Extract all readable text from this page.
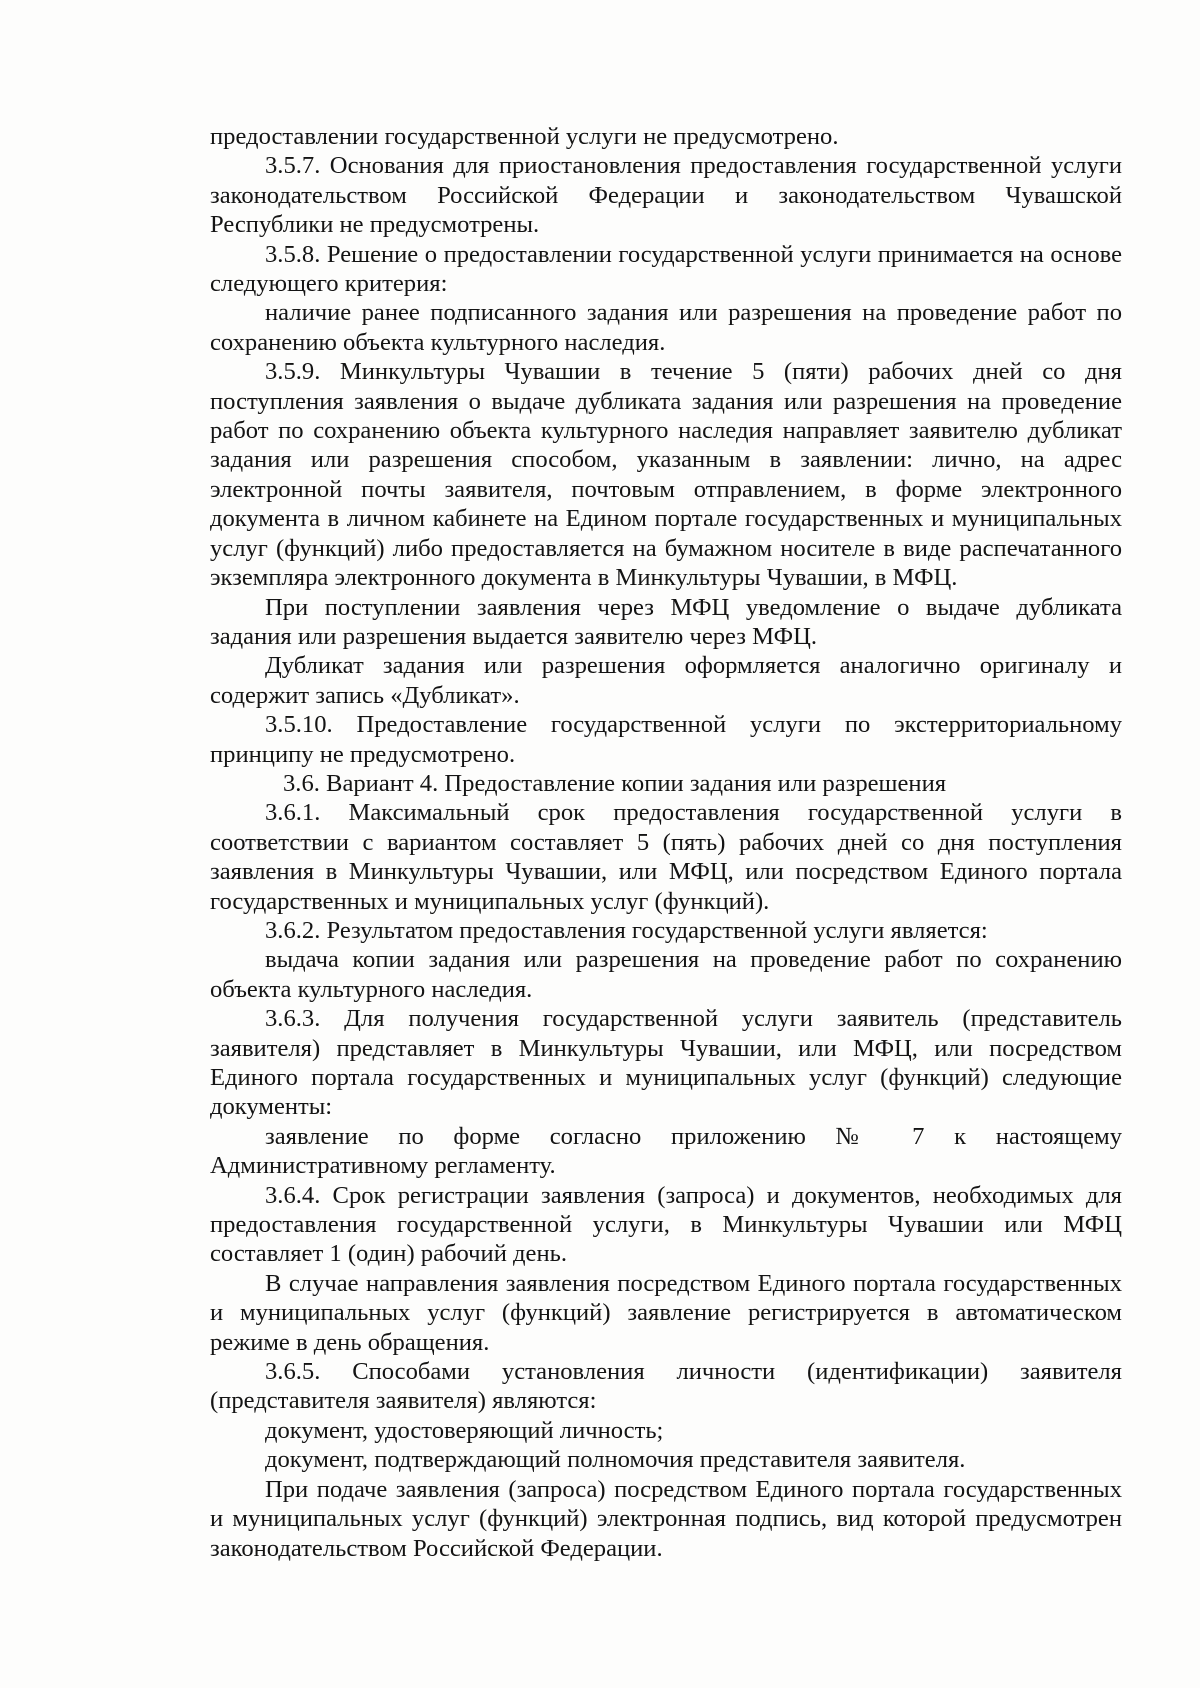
предоставлении государственной услуги не предусмотрено.

3.5.7. Основания для приостановления предоставления государственной услуги законодательством Российской Федерации и законодательством Чувашской Республики не предусмотрены.

3.5.8. Решение о предоставлении государственной услуги принимается на основе следующего критерия:

наличие ранее подписанного задания или разрешения на проведение работ по сохранению объекта культурного наследия.

3.5.9. Минкультуры Чувашии в течение 5 (пяти) рабочих дней со дня поступления заявления о выдаче дубликата задания или разрешения на проведение работ по сохранению объекта культурного наследия направляет заявителю дубликат задания или разрешения способом, указанным в заявлении: лично, на адрес электронной почты заявителя, почтовым отправлением, в форме электронного документа в личном кабинете на Едином портале государственных и муниципальных услуг (функций) либо предоставляется на бумажном носителе в виде распечатанного экземпляра электронного документа в Минкультуры Чувашии, в МФЦ.

При поступлении заявления через МФЦ уведомление о выдаче дубликата задания или разрешения выдается заявителю через МФЦ.

Дубликат задания или разрешения оформляется аналогично оригиналу и содержит запись «Дубликат».

3.5.10. Предоставление государственной услуги по экстерриториальному принципу не предусмотрено.

3.6. Вариант 4. Предоставление копии задания или разрешения

3.6.1. Максимальный срок предоставления государственной услуги в соответствии с вариантом составляет 5 (пять) рабочих дней со дня поступления заявления в Минкультуры Чувашии, или МФЦ, или посредством Единого портала государственных и муниципальных услуг (функций).

3.6.2. Результатом предоставления государственной услуги является:

выдача копии задания или разрешения на проведение работ по сохранению объекта культурного наследия.

3.6.3. Для получения государственной услуги заявитель (представитель заявителя) представляет в Минкультуры Чувашии, или МФЦ, или посредством Единого портала государственных и муниципальных услуг (функций) следующие документы:

заявление по форме согласно приложению № 7 к настоящему Административному регламенту.

3.6.4. Срок регистрации заявления (запроса) и документов, необходимых для предоставления государственной услуги, в Минкультуры Чувашии или МФЦ составляет 1 (один) рабочий день.

В случае направления заявления посредством Единого портала государственных и муниципальных услуг (функций) заявление регистрируется в автоматическом режиме в день обращения.

3.6.5. Способами установления личности (идентификации) заявителя (представителя заявителя) являются:

документ, удостоверяющий личность;

документ, подтверждающий полномочия представителя заявителя.

При подаче заявления (запроса) посредством Единого портала государственных и муниципальных услуг (функций) электронная подпись, вид которой предусмотрен законодательством Российской Федерации.
